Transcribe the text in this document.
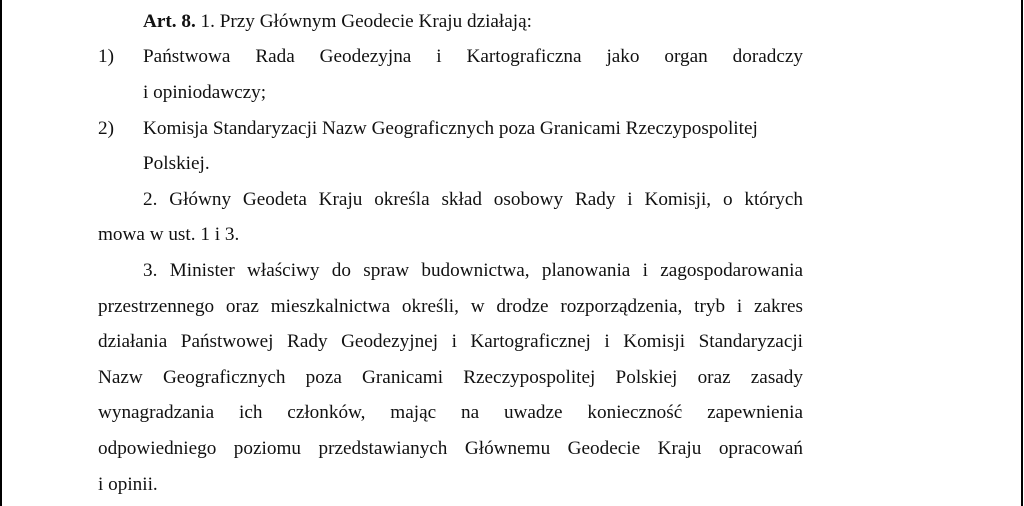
Art. 8. 1. Przy Głównym Geodecie Kraju działają:
1) Państwowa Rada Geodezyjna i Kartograficzna jako organ doradczy
i opiniodawczy;
2) Komisja Standaryzacji Nazw Geograficznych poza Granicami Rzeczypospolitej
Polskiej.
2. Główny Geodeta Kraju określa skład osobowy Rady i Komisji, o których
mowa w ust. 1 i 3.
3. Minister właściwy do spraw budownictwa, planowania i zagospodarowania
przestrzennego oraz mieszkalnictwa określi, w drodze rozporządzenia, tryb i zakres
działania Państwowej Rady Geodezyjnej i Kartograficznej i Komisji Standaryzacji
Nazw Geograficznych poza Granicami Rzeczypospolitej Polskiej oraz zasady
wynagradzania ich członków, mając na uwadze konieczność zapewnienia
odpowiedniego poziomu przedstawianych Głównemu Geodecie Kraju opracowań
i opinii.
